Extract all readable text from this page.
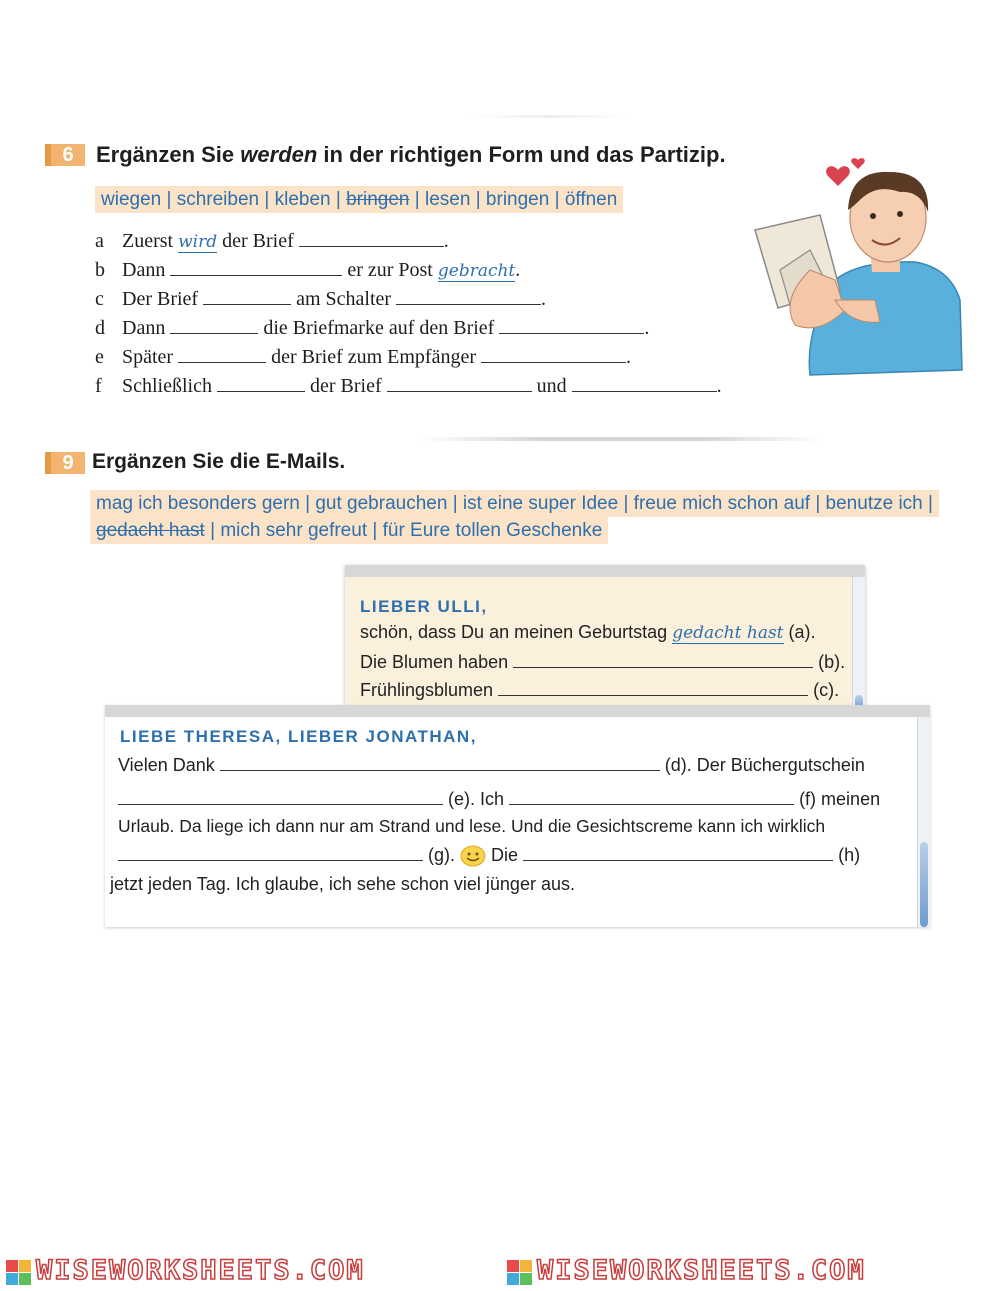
6	Ergänzen Sie werden in der richtigen Form und das Partizip.
wiegen | schreiben | kleben | bringen | lesen | bringen | öffnen
a Zuerst wird der Brief	.
b Dann	er zur Post gebracht.
c Der Brief	am Schalter	.
d Dann	die Briefmarke auf den Brief	.
e Später	der Brief zum Empfänger	.
f	Schließlich	der Brief	und	.
9 Ergänzen Sie die E-Mails.
mag ich besonders gern | gut gebrauchen | ist eine super Idee | freue mich schon auf | benutze ich |
gedacht hast | mich sehr gefreut | für Eure tollen Geschenke
LIEBER ULLI,
schön, dass Du an meinen Geburtstag gedacht hast (a).
Die Blumen haben	(b).
Frühlingsblumen	(c).
LIEBE THERESA, LIEBER JONATHAN,
Vielen Dank	(d). Der Büchergutschein
(e). Ich	(f) meinen
Urlaub. Da liege ich dann nur am Strand und lese. Und die Gesichtscreme kann ich wirklich
(g). Die	(h)
jetzt jeden Tag. Ich glaube, ich sehe schon viel jünger aus.
WISEWORKSHEETS.COM	WISEWORKSHEETS.COM
